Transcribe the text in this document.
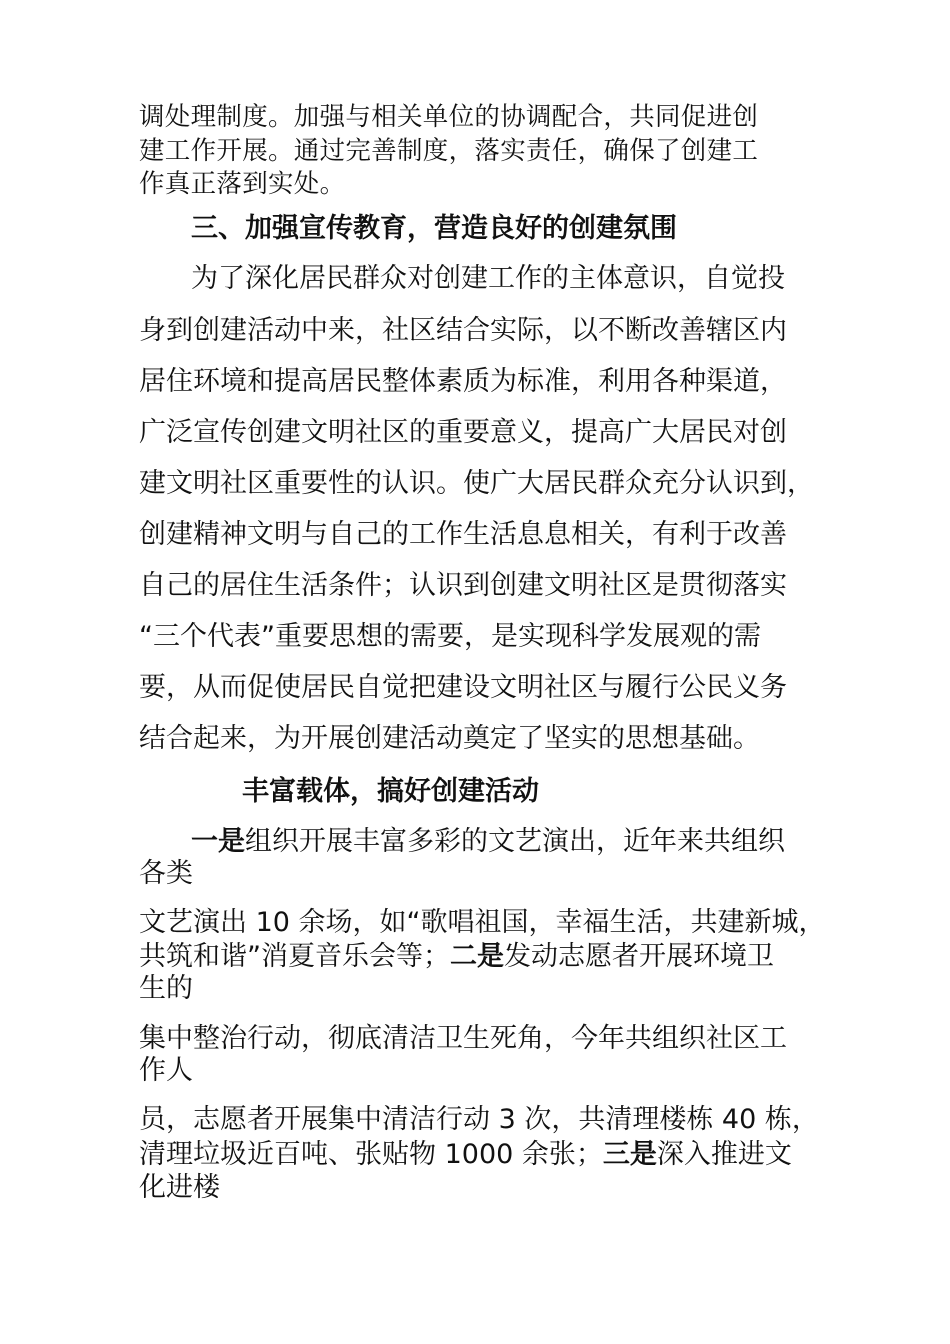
调处理制度。加强与相关单位的协调配合，共同促进创
建工作开展。通过完善制度，落实责任，确保了创建工
作真正落到实处。
三、加强宣传教育，营造良好的创建氛围
为了深化居民群众对创建工作的主体意识，自觉投
身到创建活动中来，社区结合实际，以不断改善辖区内
居住环境和提高居民整体素质为标准，利用各种渠道，
广泛宣传创建文明社区的重要意义，提高广大居民对创
建文明社区重要性的认识。使广大居民群众充分认识到，
创建精神文明与自己的工作生活息息相关，有利于改善
自己的居住生活条件；认识到创建文明社区是贯彻落实
“三个代表”重要思想的需要，是实现科学发展观的需
要，从而促使居民自觉把建设文明社区与履行公民义务
结合起来，为开展创建活动奠定了坚实的思想基础。
丰富载体，搞好创建活动
一是组织开展丰富多彩的文艺演出，近年来共组织
各类
文艺演出 10 余场，如“歌唱祖国，幸福生活，共建新城，
共筑和谐”消夏音乐会等；二是发动志愿者开展环境卫
生的
集中整治行动，彻底清洁卫生死角，今年共组织社区工
作人
员，志愿者开展集中清洁行动 3 次，共清理楼栋 40 栋，
清理垃圾近百吨、张贴物 1000 余张；三是深入推进文
化进楼
